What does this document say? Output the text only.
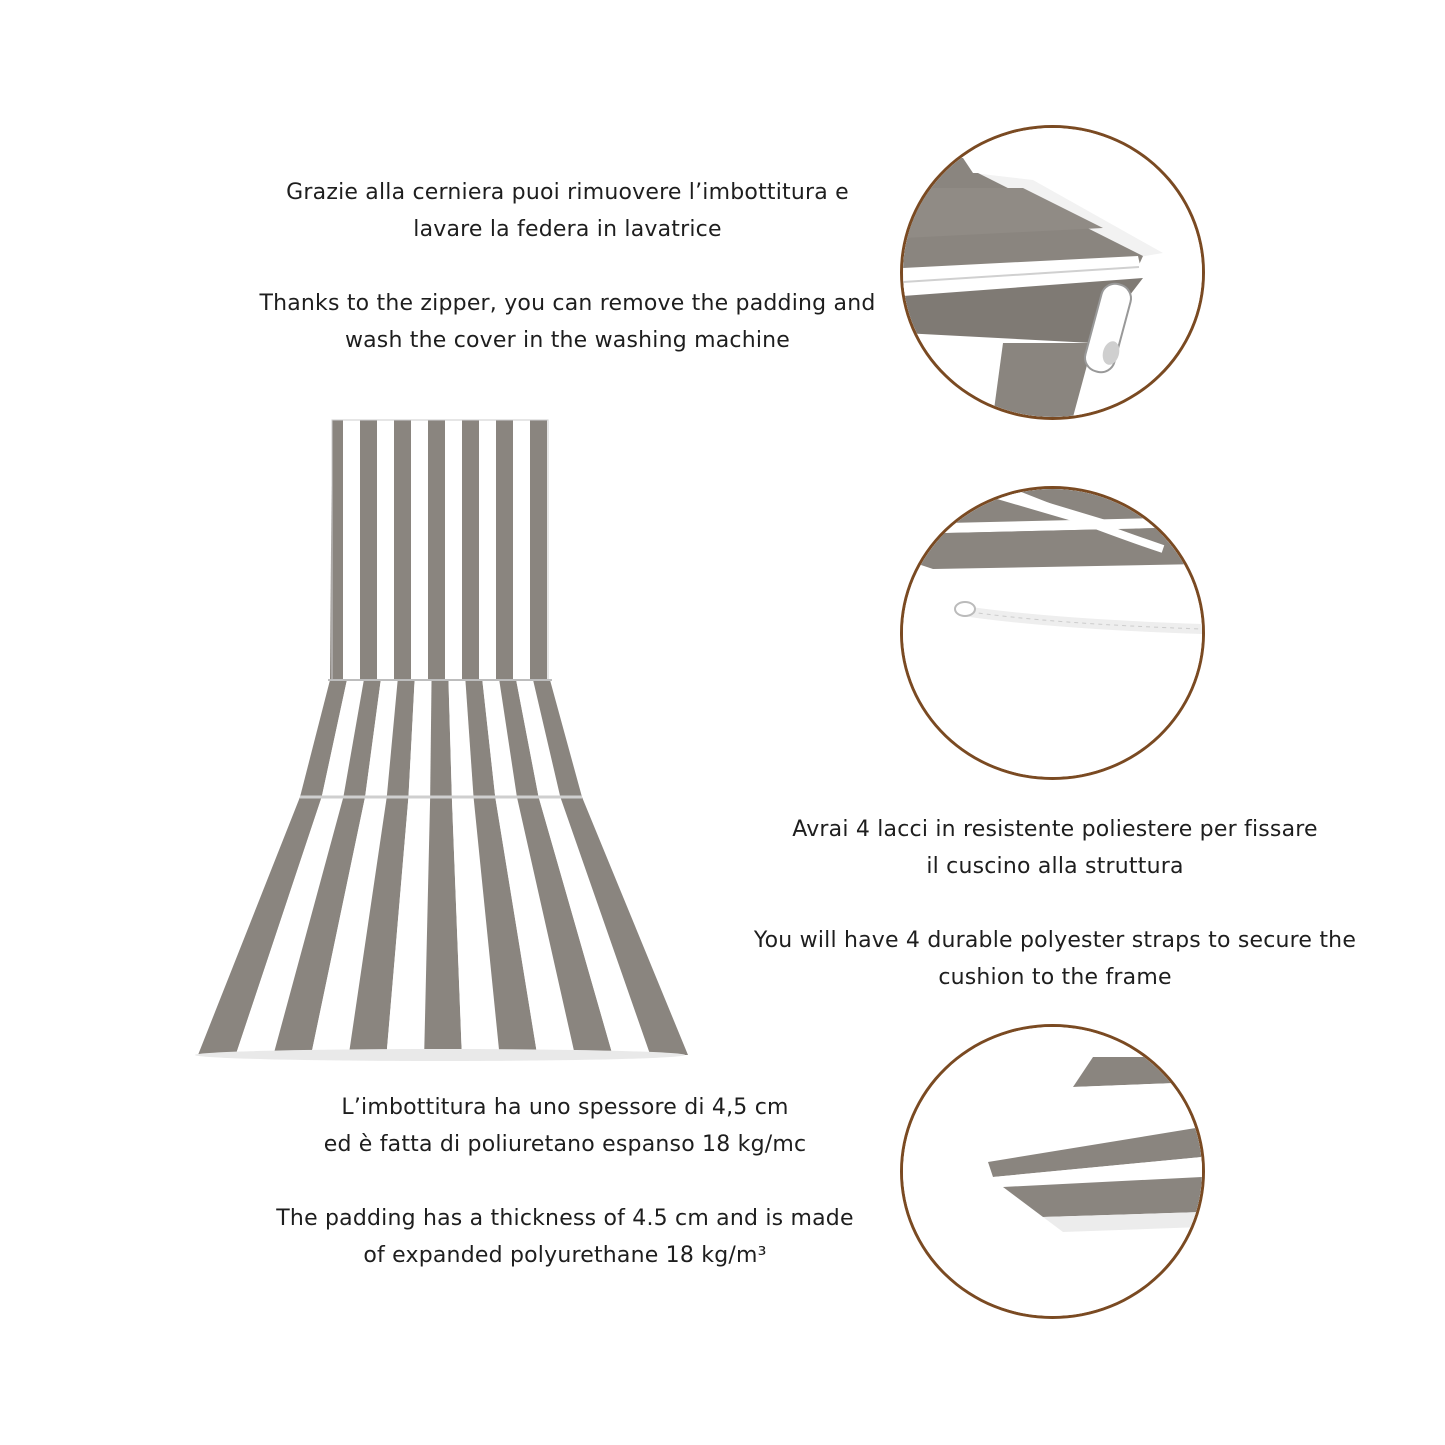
Grazie alla cerniera puoi rimuovere l’imbottitura e

lavare la federa in lavatrice

Thanks to the zipper, you can remove the padding and

wash the cover in the washing machine

Avrai 4 lacci in resistente poliestere per fissare

il cuscino alla struttura

You will have 4 durable polyester straps to secure the

cushion to the frame

L’imbottitura ha uno spessore di 4,5 cm

ed è fatta di poliuretano espanso 18 kg/mc

The padding has a thickness of 4.5 cm and is made

of expanded polyurethane 18 kg/m³
